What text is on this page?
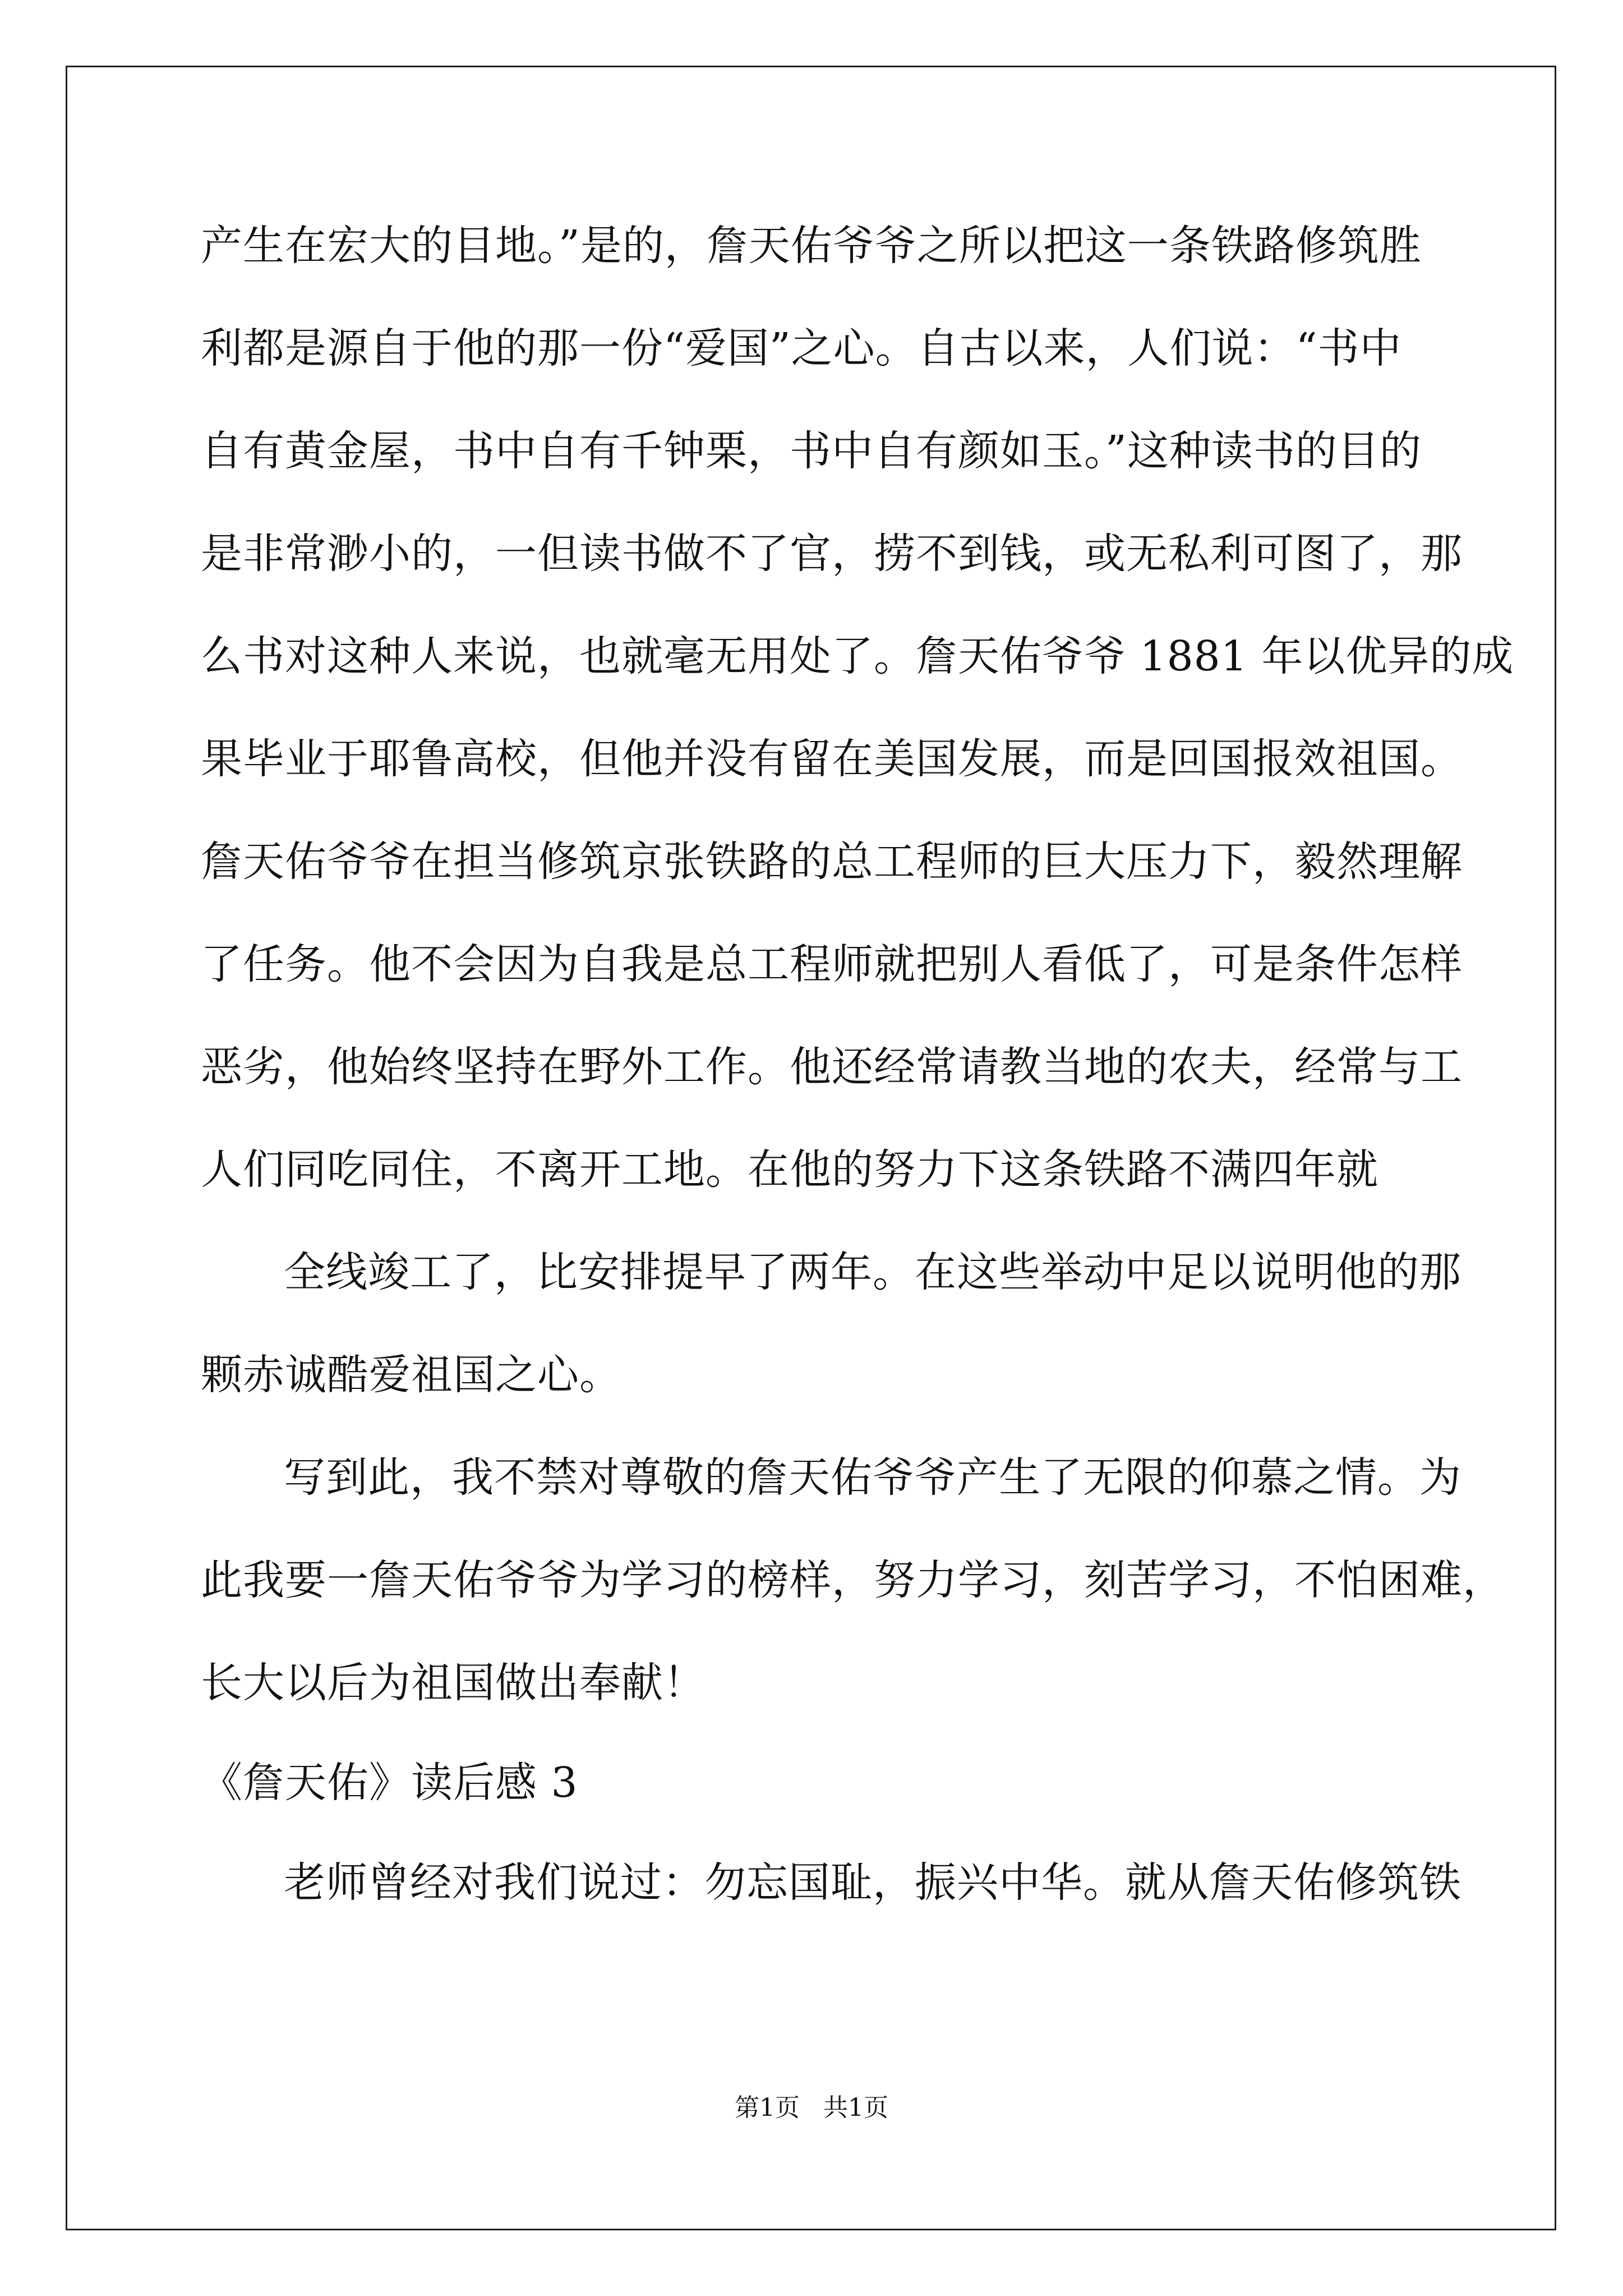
产生在宏大的目地。”是的，詹天佑爷爷之所以把这一条铁路修筑胜
利都是源自于他的那一份“爱国”之心。自古以来，人们说：“书中
自有黄金屋，书中自有千钟栗，书中自有颜如玉。”这种读书的目的
是非常渺小的，一但读书做不了官，捞不到钱，或无私利可图了，那
么书对这种人来说，也就毫无用处了。詹天佑爷爷 1881 年以优异的成
果毕业于耶鲁高校，但他并没有留在美国发展，而是回国报效祖国。
詹天佑爷爷在担当修筑京张铁路的总工程师的巨大压力下，毅然理解
了任务。他不会因为自我是总工程师就把别人看低了，可是条件怎样
恶劣，他始终坚持在野外工作。他还经常请教当地的农夫，经常与工
人们同吃同住，不离开工地。在他的努力下这条铁路不满四年就
全线竣工了，比安排提早了两年。在这些举动中足以说明他的那
颗赤诚酷爱祖国之心。
写到此，我不禁对尊敬的詹天佑爷爷产生了无限的仰慕之情。为
此我要一詹天佑爷爷为学习的榜样，努力学习，刻苦学习，不怕困难，
长大以后为祖国做出奉献！
《詹天佑》读后感 3
老师曾经对我们说过：勿忘国耻，振兴中华。就从詹天佑修筑铁
第1页   共1页
